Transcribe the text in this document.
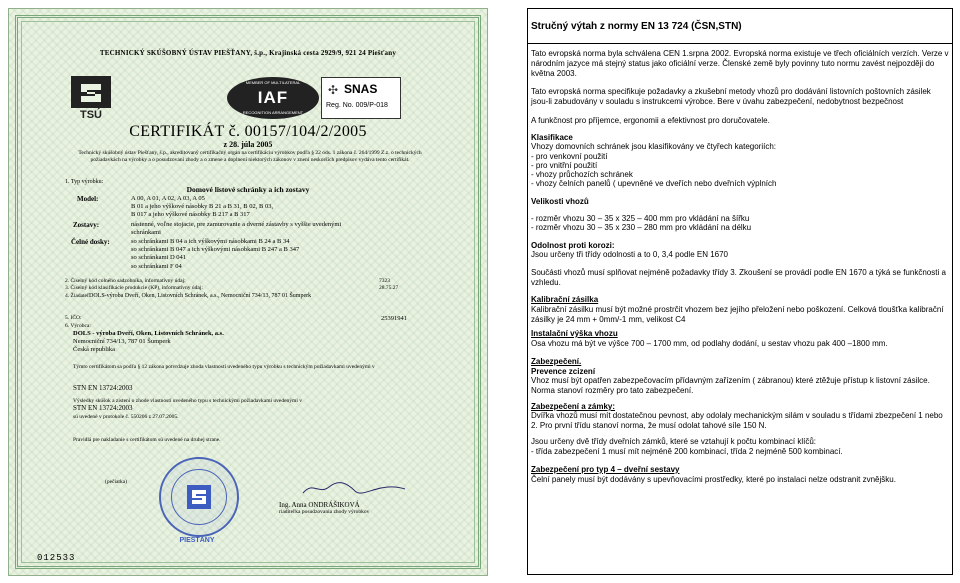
TECHNICKÝ SKÚŠOBNÝ ÚSTAV PIEŠŤANY, š.p., Krajinská cesta 2929/9, 921 24 Piešťany
TSÚ
MEMBER OF MULTILATERAL
IAF
RECOGNITION ARRANGEMENT
✣ SNAS
Reg. No. 009/P-018
CERTIFIKÁT č. 00157/104/2/2005
z 28. júla 2005
Technický skúšobný ústav Piešťany, š.p., akreditovaný certifikačný orgán na certifikáciu výrobkov podľa § 22 ods. 1 zákona č. 264/1999 Z.z. o technických požiadavkách na výrobky a o posudzovaní zhody a o zmene a doplnení niektorých zákonov v znení neskorších predpisov vydáva tento certifikát.
1. Typ výrobku:
Domové listové schránky a ich zostavy
Model:	A 00, A 01, A 02, A 03, A 05
B 01 a jeho výškové násobky B 21 a B 31, B 02, B 03,
B 017 a jeho výškové násobky B 217 a B 317
Zostavy:	nástenné, voľne stojacie, pre zamurovanie a dverné zástavby s vyššie uvedenými
schránkami
Čelné dosky:	so schránkami B 04 a ich výškovými násobkami B 24 a B 34
so schránkami B 047 a ich výškovými násobkami B 247 a B 347
so schránkami D 041
so schránkami F 04
2. Číselný kód colného sadzobníka, informatívny údaj:	7323
3. Číselný kód klasifikácie produkcie (KP), informatívny údaj:	28.75.27
4. Žiadateľ:
DOLS-výroba Dveří, Oken, Listovních Schránek, a.s., Nemocniční 734/13, 787 01 Šumperk
5. IČO:	25391941
6. Výrobca:
DOLS - výroba Dveří, Oken, Listovních Schránek, a.s.
Nemocniční 734/13, 787 01 Šumperk
Česká republika
Týmto certifikátom sa podľa § 12 zákona potvrdzuje zhoda vlastností uvedeného typu výrobku s technickým požiadavkami uvedenými v
STN EN 13724:2003
Výsledky skúšok a zistení o zhode vlastností uvedeného typu s technickými požiadavkami uvedenými v
STN EN 13724:2003
sú uvedené v protokole č. 550206 z 27.07.2005.
Pravidlá pre nakladanie s certifikátom sú uvedené na druhej strane.
(pečiatka)
PIEŠŤANY
Ing. Anna ONDRÁŠIKOVÁ
riaditeľka posudzovania zhody výrobkov
012533
Stručný výtah z normy EN 13 724 (ČSN,STN)
Tato evropská norma byla schválena CEN 1.srpna 2002. Evropská norma existuje ve třech oficiálních verzích. Verze v národním jazyce má stejný status jako oficiální verze. Členské země byly povinny tuto normu zavést nejpozději do května 2003.
Tato evropská norma specifikuje požadavky a zkušební metody vhozů pro dodávání listovních poštovních zásilek jsou-li zabudovány v souladu s instrukcemi výrobce. Bere v úvahu zabezpečení, nedobytnost bezpečnost
A funkčnost pro příjemce, ergonomii a efektivnost pro doručovatele.
Klasifikace
Vhozy domovních schránek jsou klasifikovány ve čtyřech kategoriích:
- pro venkovní použití
- pro vnitřní použití
- vhozy průchozích schránek
- vhozy čelních panelů ( upevněné ve dveřích nebo dveřních výplních
Velikosti vhozů
- rozměr vhozu 30 – 35 x 325 – 400 mm pro vkládání na šířku
- rozměr vhozu 30 – 35 x 230 – 280 mm pro vkládání na délku
Odolnost proti korozi:
Jsou určeny tři třídy odolnosti a to 0, 3,4 podle EN 1670
Součásti vhozů musí splňovat nejméně požadavky třídy 3. Zkoušení se provádí podle EN 1670 a týká se funkčnosti a vzhledu.
Kalibrační zásilka
Kalibrační zásilku musí být možné prostrčit vhozem bez jejího přeložení nebo poškození. Celková tloušťka kalibrační zásilky je 24 mm + 0mm/-1 mm, velikost C4
Instalační výška vhozu
Osa vhozu má být ve výšce 700 – 1700 mm, od podlahy dodání, u sestav vhozu pak 400 –1800 mm.
Zabezpečení.
Prevence zcizení
Vhoz musí být opatřen zabezpečovacím přídavným zařízením ( zábranou) které ztěžuje přístup k listovní zásilce. Norma stanoví rozměry pro tato zabezpečení.
Zabezpečení a zámky:
Dvířka vhozů musí mít dostatečnou pevnost, aby odolaly mechanickým silám v souladu s třídami zbezpečení 1 nebo 2. Pro první třídu stanoví norma, že musí odolat tahové síle 150 N.
Jsou určeny dvě třídy dveřních zámků, které se vztahují k počtu kombinací klíčů:
- třída zabezpečení 1 musí mít nejméně 200 kombinací, třída 2 nejméně 500 kombinací.
Zabezpečení pro typ 4 – dveřní sestavy
Čelní panely musí být dodávány s upevňovacími prostředky, které po instalaci nelze odstranit zvnějšku.
